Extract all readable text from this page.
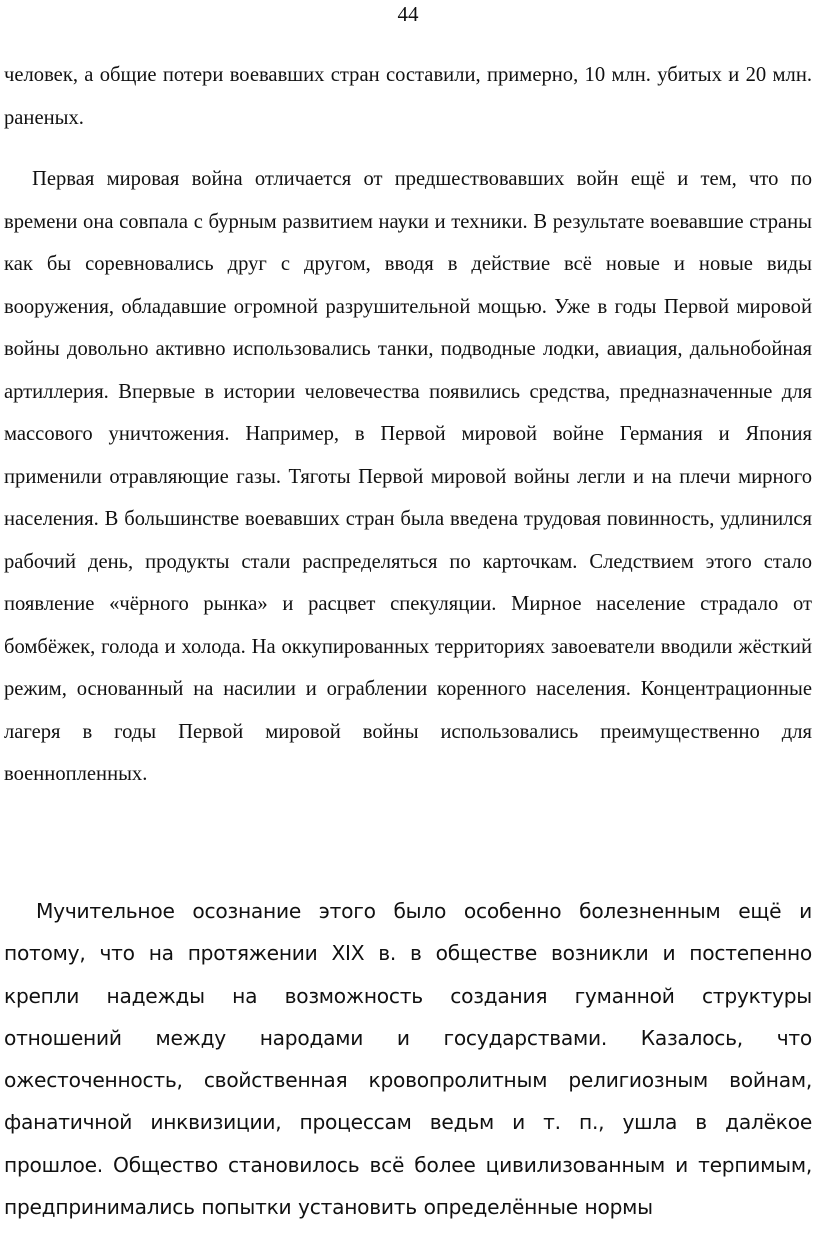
44

человек, а общие потери воевавших стран составили, примерно, 10 млн. убитых и 20 млн. раненых.

Первая мировая война отличается от предшествовавших войн ещё и тем, что по времени она совпала с бурным развитием науки и техники. В результате воевавшие страны как бы соревновались друг с другом, вводя в действие всё новые и новые виды вооружения, обладавшие огромной разрушительной мощью. Уже в годы Первой мировой войны довольно активно использовались танки, подводные лодки, авиация, дальнобойная артиллерия. Впервые в истории человечества появились средства, предназначенные для массового уничтожения. Например, в Первой мировой войне Германия и Япония применили отравляющие газы. Тяготы Первой мировой войны легли и на плечи мирного населения. В большинстве воевавших стран была введена трудовая повинность, удлинился рабочий день, продукты стали распределяться по карточкам. Следствием этого стало появление «чёрного рынка» и расцвет спекуляции. Мирное население страдало от бомбёжек, голода и холода. На оккупированных территориях завоеватели вводили жёсткий режим, основанный на насилии и ограблении коренного населения. Концентрационные лагеря в годы Первой мировой войны использовались преимущественно для военнопленных.

Мучительное осознание этого было особенно болезненным ещё и потому, что на протяжении XIX в. в обществе возникли и постепенно крепли надежды на возможность создания гуманной структуры отношений между народами и государствами. Казалось, что ожесточенность, свойственная кровопролитным религиозным войнам, фанатичной инквизиции, процессам ведьм и т. п., ушла в далёкое прошлое. Общество становилось всё более цивилизованным и терпимым, предпринимались попытки установить определённые нормы
